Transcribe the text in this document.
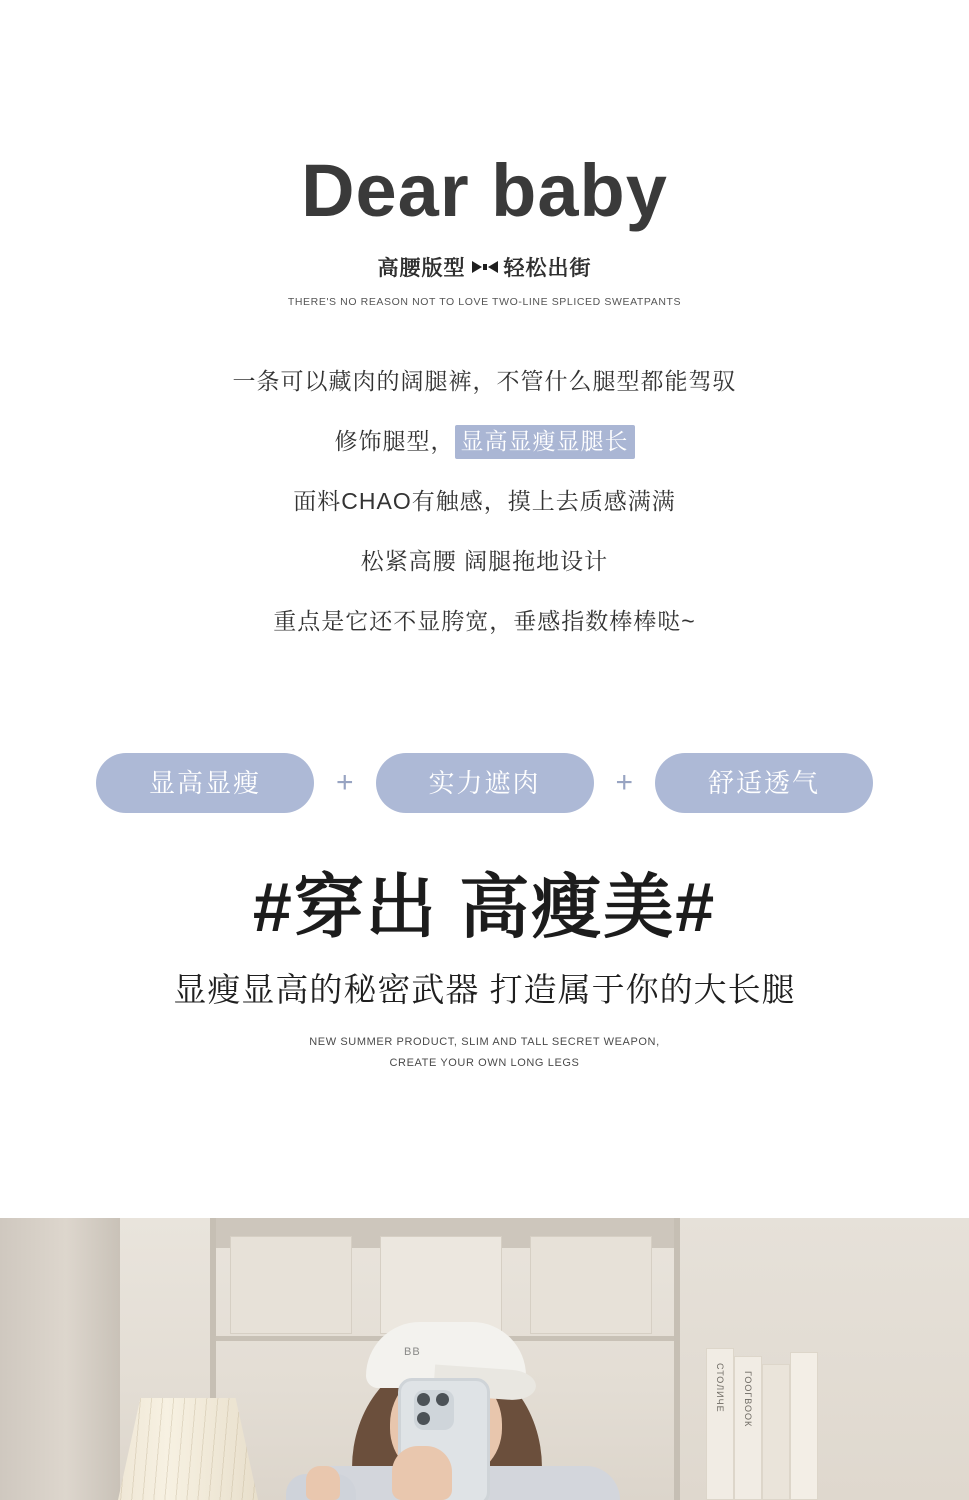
Dear baby
高腰版型 轻松出街
THERE'S NO REASON NOT TO LOVE TWO-LINE SPLICED SWEATPANTS
一条可以藏肉的阔腿裤，不管什么腿型都能驾驭
修饰腿型， 显高显瘦显腿长
面料CHAO有触感，摸上去质感满满
松紧高腰 阔腿拖地设计
重点是它还不显胯宽，垂感指数棒棒哒~
显高显瘦	+	实力遮肉	+	舒适透气
#穿出 高瘦美#
显瘦显高的秘密武器 打造属于你的大长腿
NEW SUMMER PRODUCT, SLIM AND TALL SECRET WEAPON,
CREATE YOUR OWN LONG LEGS
СТОЛИЧЕ ГООГВООК
BB
